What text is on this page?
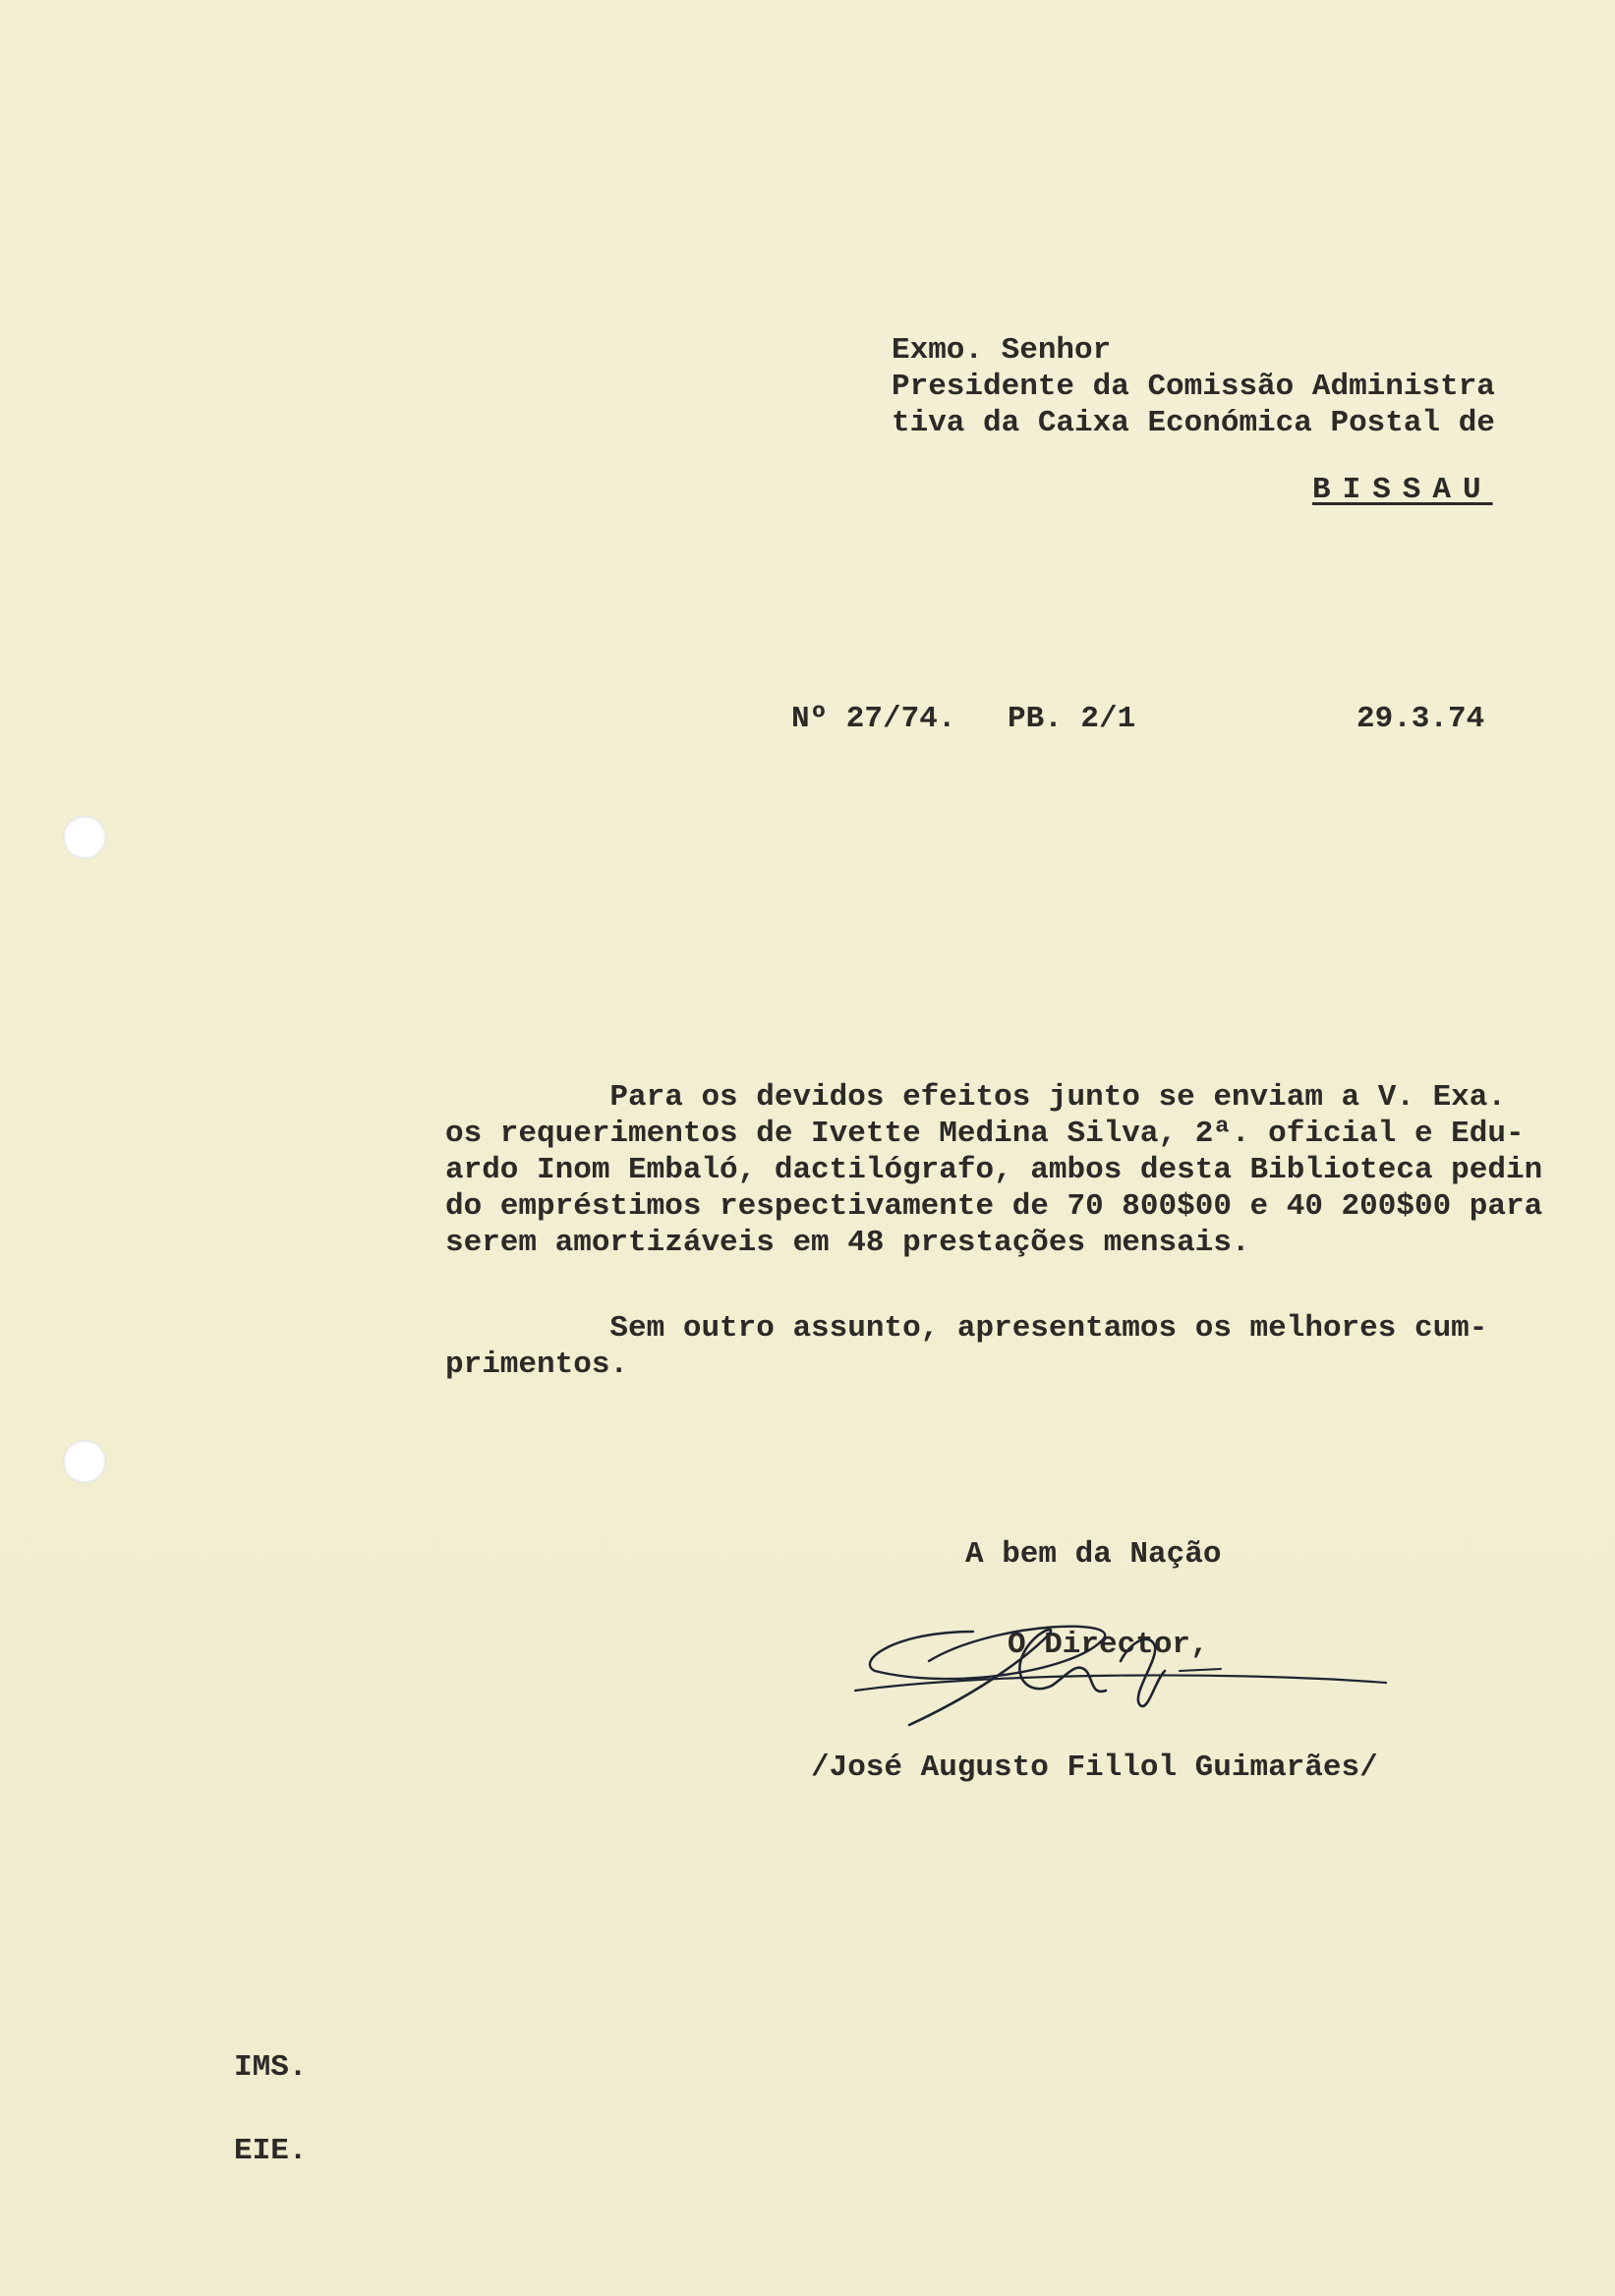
Exmo. Senhor

Presidente da Comissão Administra

tiva da Caixa Económica Postal de

BISSAU

Nº 27/74. PB. 2/1	29.3.74

Para os devidos efeitos junto se enviam a V. Exa.

os requerimentos de Ivette Medina Silva, 2ª. oficial e Edu-

ardo Inom Embaló, dactilógrafo, ambos desta Biblioteca pedin

do empréstimos respectivamente de 70 800$00 e 40 200$00 para

serem amortizáveis em 48 prestações mensais.

Sem outro assunto, apresentamos os melhores cum-

primentos.

A bem da Nação

O Director,

/José Augusto Fillol Guimarães/

IMS.

EIE.
